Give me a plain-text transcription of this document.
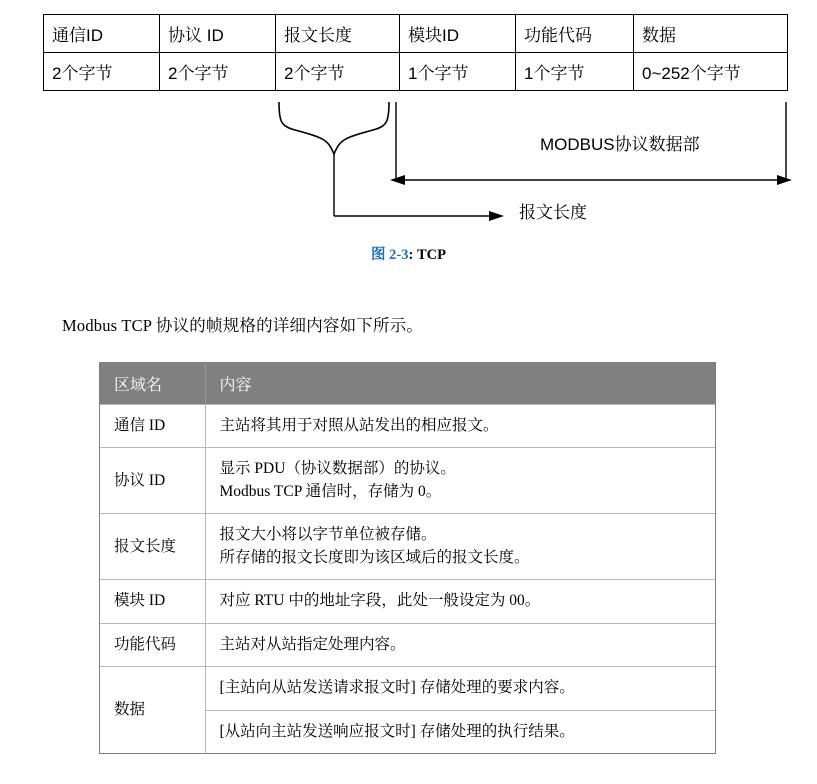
通信ID	协议 ID	报文长度	模块ID	功能代码	数据
2个字节	2个字节	2个字节	1个字节	1个字节	0~252个字节
MODBUS协议数据部
报文长度
图 2-3: TCP
Modbus TCP 协议的帧规格的详细内容如下所示。
区域名	内容
通信 ID	主站将其用于对照从站发出的相应报文。

协议 ID	显示 PDU（协议数据部）的协议。
Modbus TCP 通信时，存储为 0。

报文长度	报文大小将以字节单位被存储。
所存储的报文长度即为该区域后的报文长度。

模块 ID	对应 RTU 中的地址字段，此处一般设定为 00。

功能代码	主站对从站指定处理内容。

数据	[主站向从站发送请求报文时] 存储处理的要求内容。

	[从站向主站发送响应报文时] 存储处理的执行结果。
